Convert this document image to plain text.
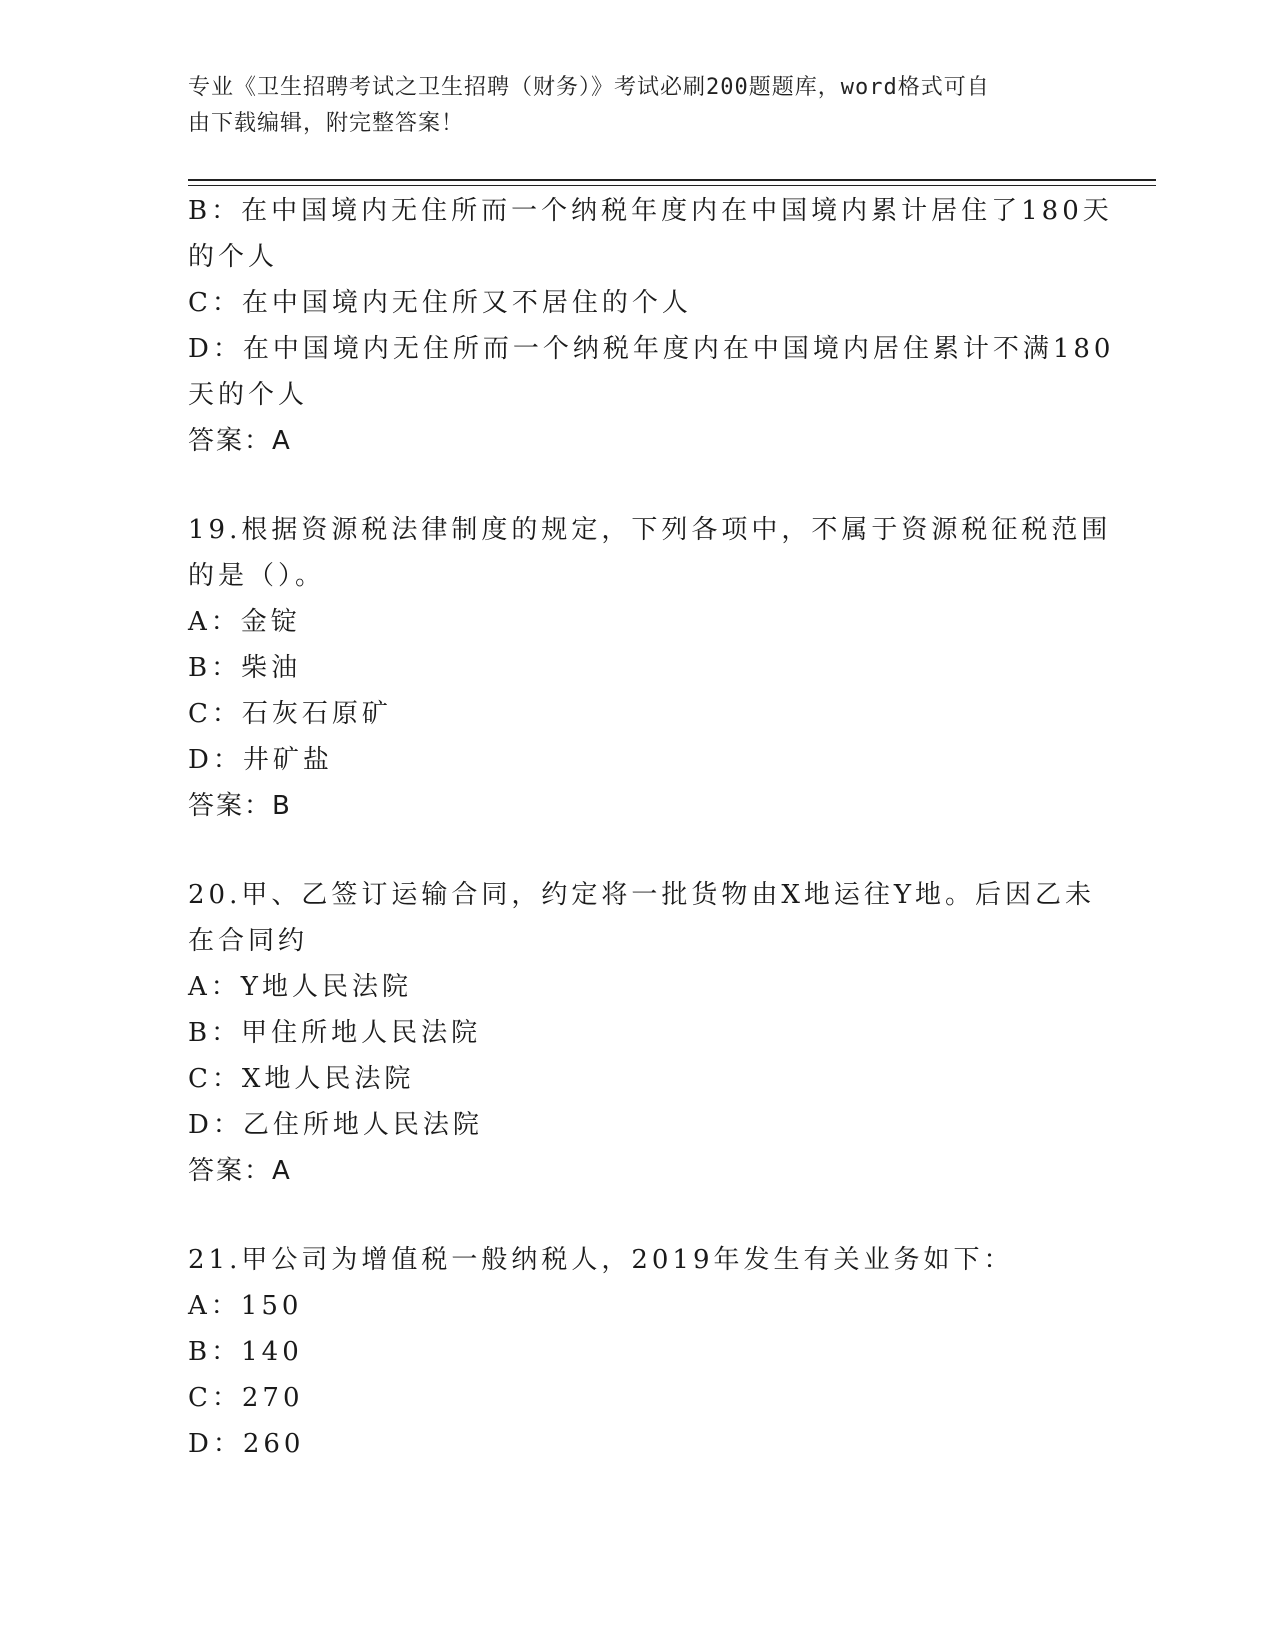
专业《卫生招聘考试之卫生招聘（财务）》考试必刷200题题库，word格式可自
由下载编辑，附完整答案！
B：在中国境内无住所而一个纳税年度内在中国境内累计居住了180天
的个人
C：在中国境内无住所又不居住的个人
D：在中国境内无住所而一个纳税年度内在中国境内居住累计不满180
天的个人
答案：A
19.根据资源税法律制度的规定，下列各项中，不属于资源税征税范围
的是（）。
A：金锭
B：柴油
C：石灰石原矿
D：井矿盐
答案：B
20.甲、乙签订运输合同，约定将一批货物由X地运往Y地。后因乙未
在合同约
A：Y地人民法院
B：甲住所地人民法院
C：X地人民法院
D：乙住所地人民法院
答案：A
21.甲公司为增值税一般纳税人，2019年发生有关业务如下：
A：150
B：140
C：270
D：260
